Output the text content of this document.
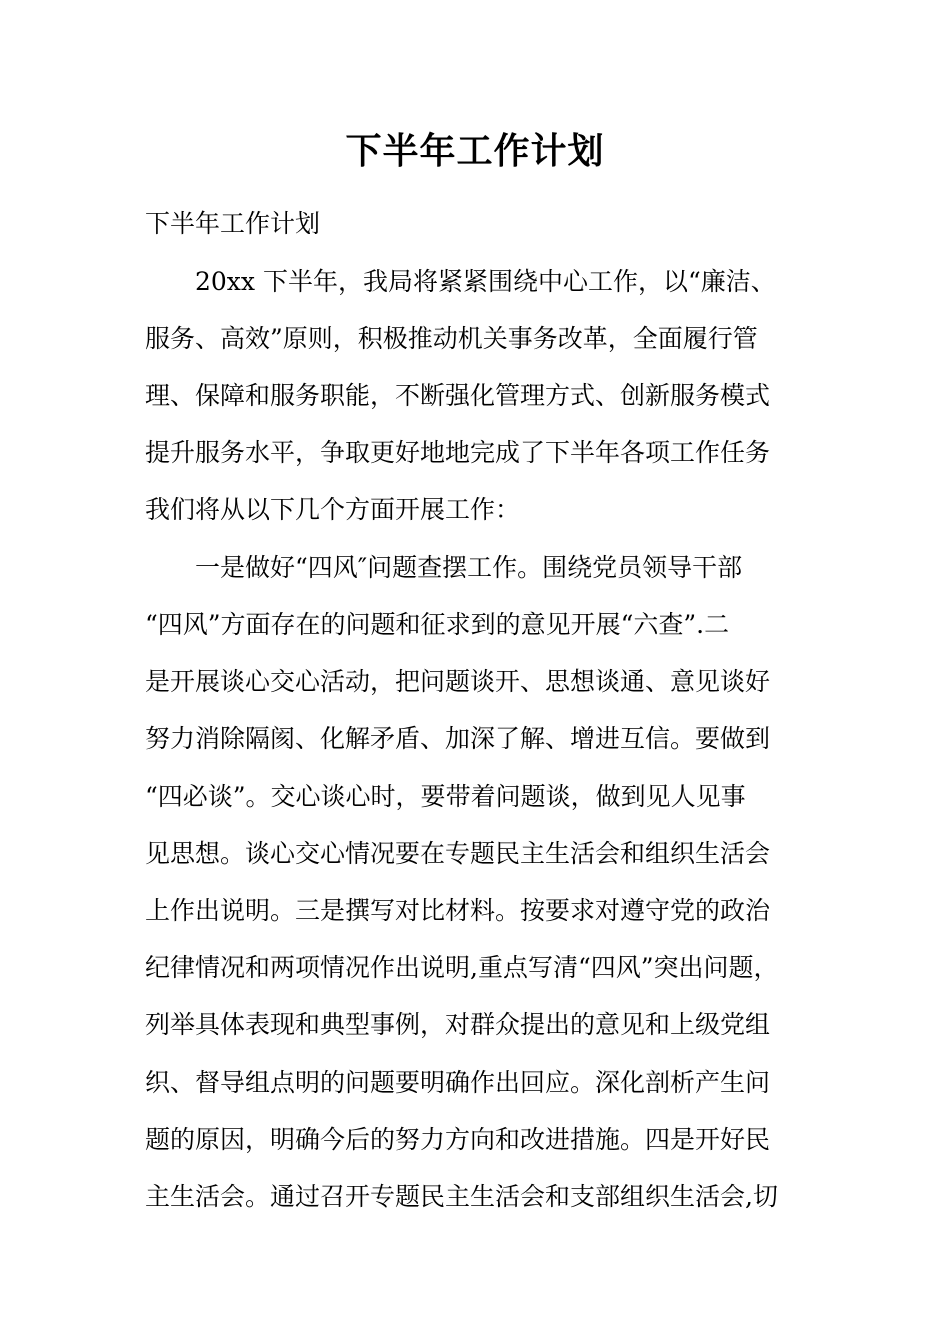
下半年工作计划
下半年工作计划
　　20xx 下半年，我局将紧紧围绕中心工作，以“廉洁、
服务、高效”原则，积极推动机关事务改革，全面履行管
理、保障和服务职能，不断强化管理方式、创新服务模式
提升服务水平，争取更好地地完成了下半年各项工作任务
我们将从以下几个方面开展工作：
　　一是做好“四风″问题查摆工作。围绕党员领导干部
“四风”方面存在的问题和征求到的意见开展“六查”.二
是开展谈心交心活动，把问题谈开、思想谈通、意见谈好
努力消除隔阂、化解矛盾、加深了解、增进互信。要做到
“四必谈”。交心谈心时，要带着问题谈，做到见人见事
见思想。谈心交心情况要在专题民主生活会和组织生活会
上作出说明。三是撰写对比材料。按要求对遵守党的政治
纪律情况和两项情况作出说明,重点写清“四风”突出问题，
列举具体表现和典型事例，对群众提出的意见和上级党组
织、督导组点明的问题要明确作出回应。深化剖析产生问
题的原因，明确今后的努力方向和改进措施。四是开好民
主生活会。通过召开专题民主生活会和支部组织生活会,切
